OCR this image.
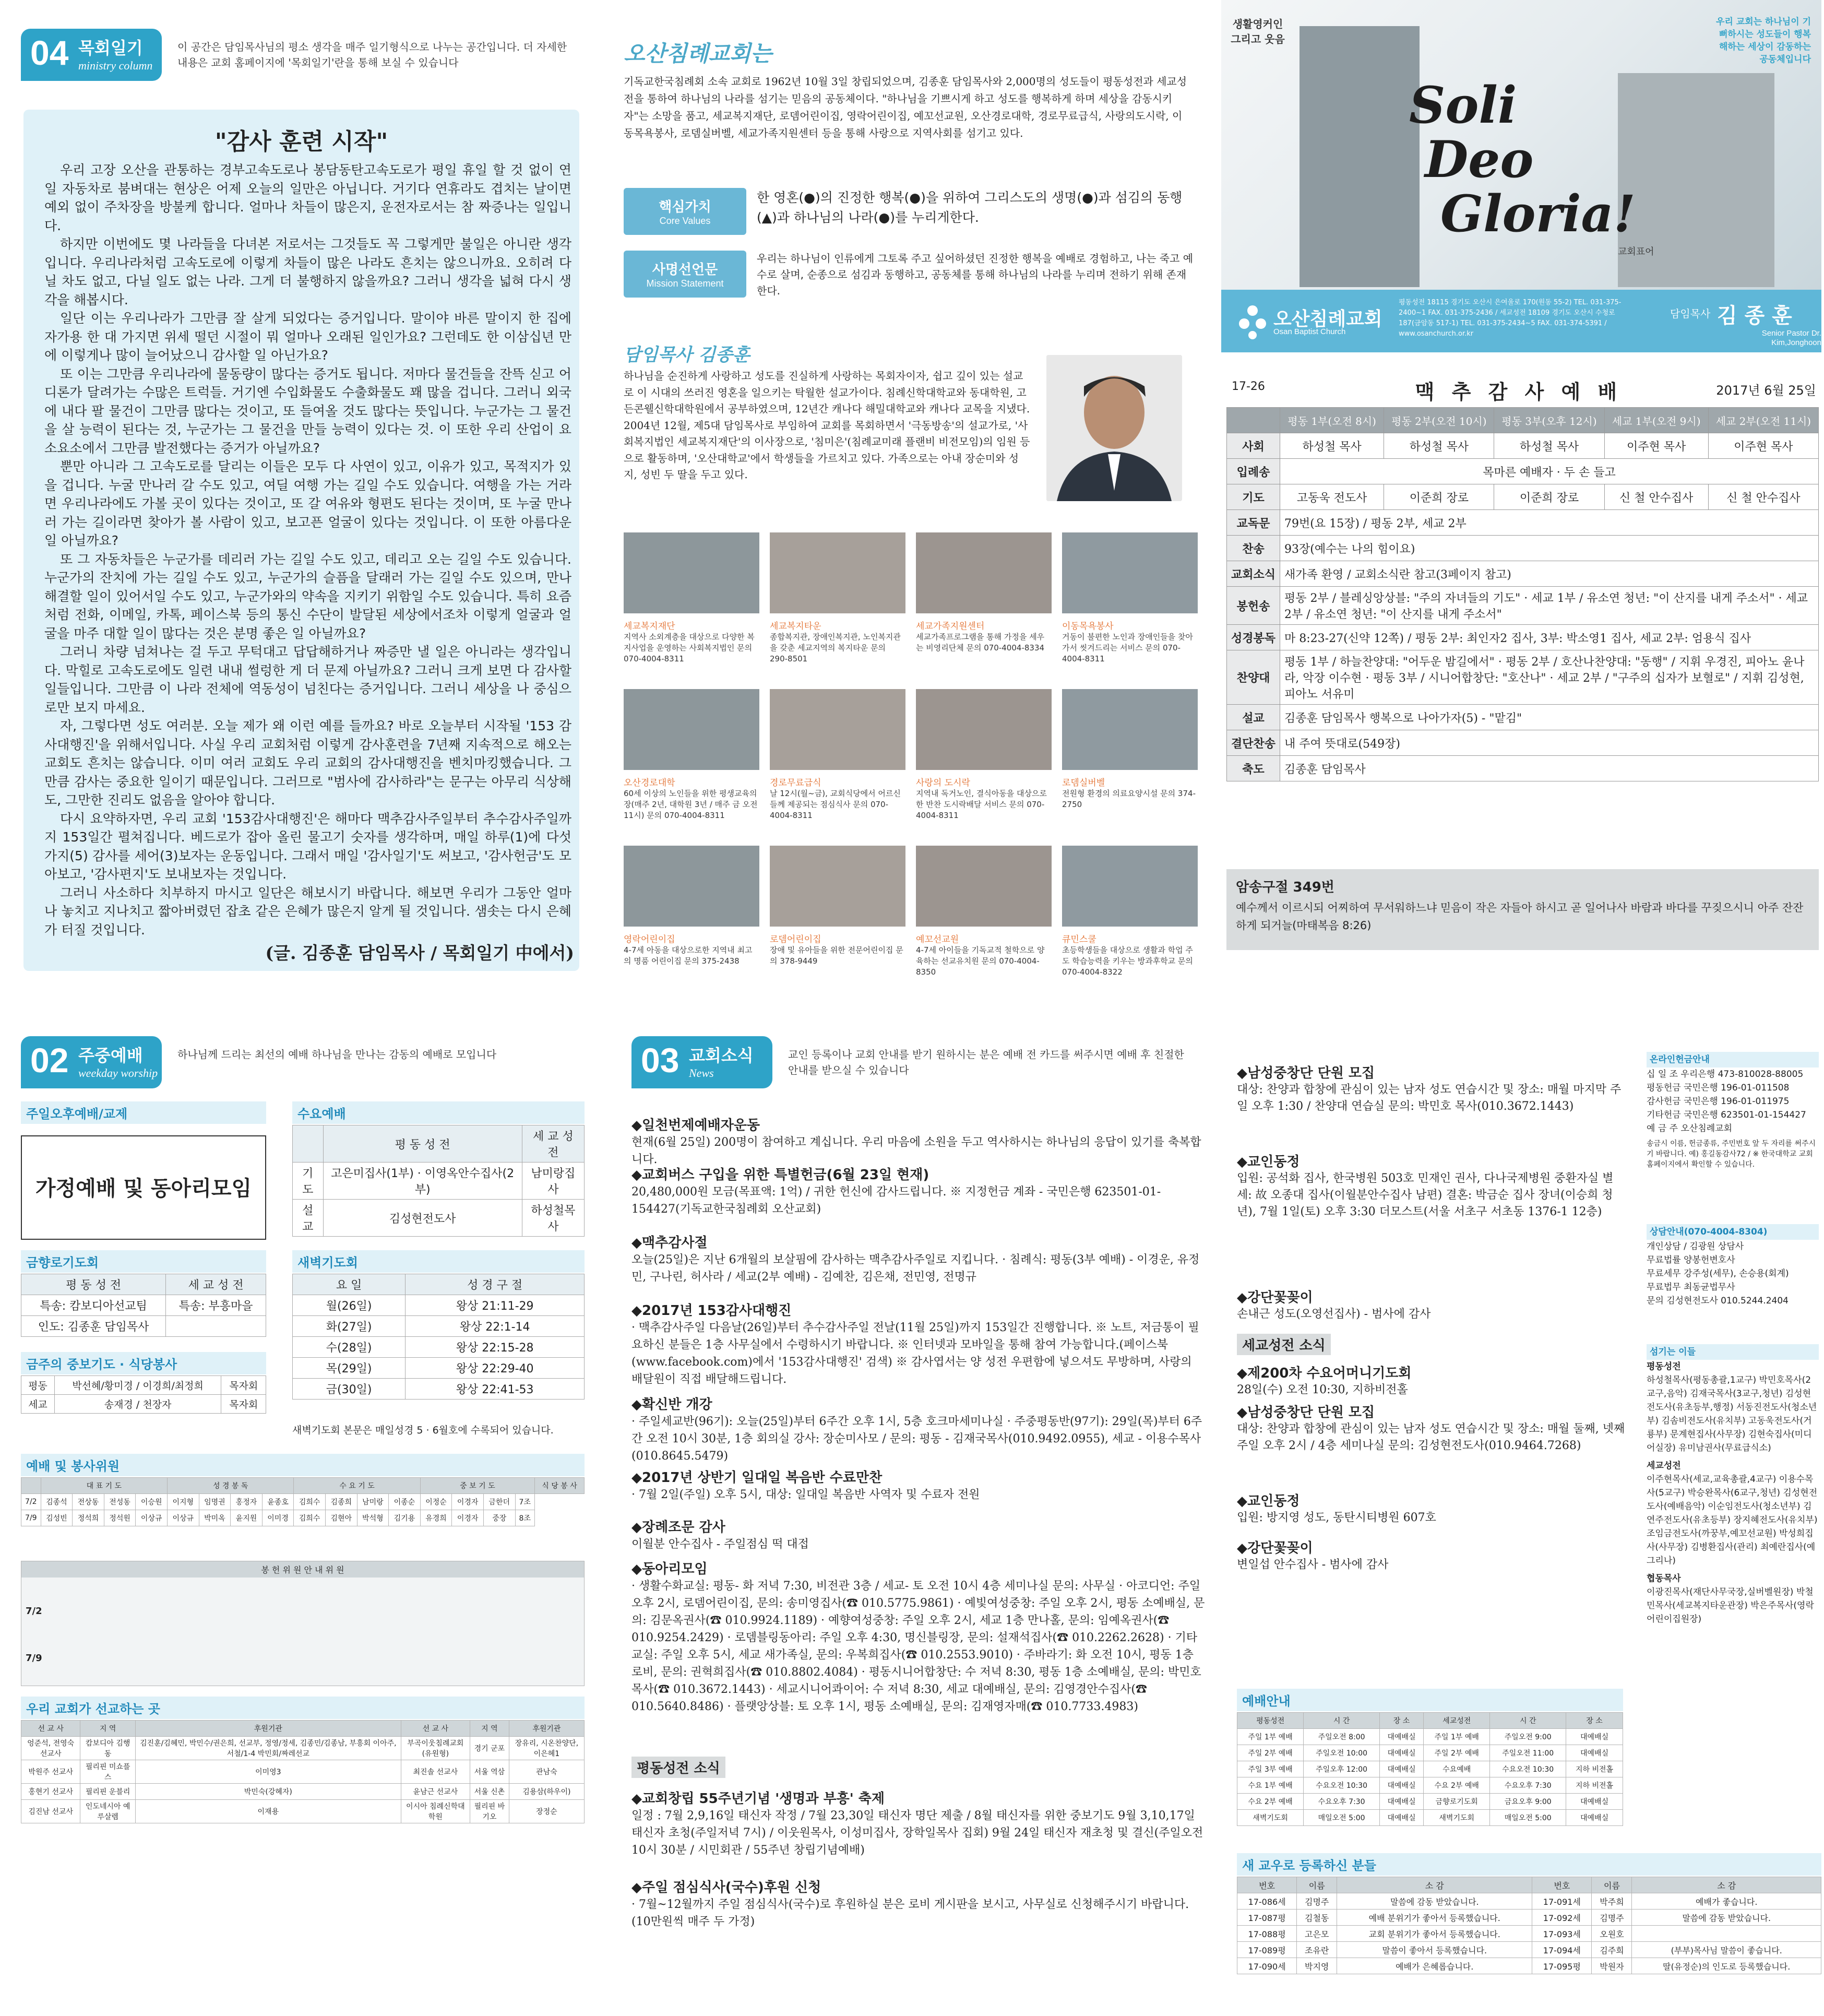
04 목회일기
ministry column
이 공간은 담임목사님의 평소 생각을 매주 일기형식으로 나누는 공간입니다. 더 자세한 내용은 교회 홈페이지에 '목회일기'란을 통해 보실 수 있습니다
"감사 훈련 시작"

우리 고장 오산을 관통하는 경부고속도로나 봉담동탄고속도로가 평일 휴일 할 것 없이 연일 자동차로 붐벼대는 현상은 어제 오늘의 일만은 아닙니다. 거기다 연휴라도 겹치는 날이면 예외 없이 주차장을 방불케 합니다. 얼마나 차들이 많은지, 운전자로서는 참 짜증나는 일입니다.

하지만 이번에도 몇 나라들을 다녀본 저로서는 그것들도 꼭 그렇게만 불일은 아니란 생각입니다. 우리나라처럼 고속도로에 이렇게 차들이 많은 나라도 흔치는 않으니까요. 오히려 다닐 차도 없고, 다닐 일도 없는 나라. 그게 더 불행하지 않을까요? 그러니 생각을 넓혀 다시 생각을 해봅시다.

일단 이는 우리나라가 그만큼 잘 살게 되었다는 증거입니다. 말이야 바른 말이지 한 집에 자가용 한 대 가지면 위세 떨던 시절이 뭐 얼마나 오래된 일인가요? 그런데도 한 이삼십년 만에 이렇게나 많이 늘어났으니 감사할 일 아닌가요?

또 이는 그만큼 우리나라에 물동량이 많다는 증거도 됩니다. 저마다 물건들을 잔뜩 싣고 어디론가 달려가는 수많은 트럭들. 거기엔 수입화물도 수출화물도 꽤 많을 겁니다. 그러니 외국에 내다 팔 물건이 그만큼 많다는 것이고, 또 들여올 것도 많다는 뜻입니다. 누군가는 그 물건을 살 능력이 된다는 것, 누군가는 그 물건을 만들 능력이 있다는 것. 이 또한 우리 산업이 요소요소에서 그만큼 발전했다는 증거가 아닐까요?

뿐만 아니라 그 고속도로를 달리는 이들은 모두 다 사연이 있고, 이유가 있고, 목적지가 있을 겁니다. 누굴 만나러 갈 수도 있고, 여딜 여행 가는 길일 수도 있습니다. 여행을 가는 거라면 우리나라에도 가볼 곳이 있다는 것이고, 또 갈 여유와 형편도 된다는 것이며, 또 누굴 만나러 가는 길이라면 찾아가 볼 사람이 있고, 보고픈 얼굴이 있다는 것입니다. 이 또한 아름다운 일 아닐까요?

또 그 자동차들은 누군가를 데리러 가는 길일 수도 있고, 데리고 오는 길일 수도 있습니다. 누군가의 잔치에 가는 길일 수도 있고, 누군가의 슬픔을 달래러 가는 길일 수도 있으며, 만나 해결할 일이 있어서일 수도 있고, 누군가와의 약속을 지키기 위함일 수도 있습니다. 특히 요즘처럼 전화, 이메일, 카톡, 페이스북 등의 통신 수단이 발달된 세상에서조차 이렇게 얼굴과 얼굴을 마주 대할 일이 많다는 것은 분명 좋은 일 아닐까요?

그러니 차량 넘쳐나는 걸 두고 무턱대고 답답해하거나 짜증만 낼 일은 아니라는 생각입니다. 막힐로 고속도로에도 일련 내내 썰렁한 게 더 문제 아닐까요? 그러니 크게 보면 다 감사할 일들입니다. 그만큼 이 나라 전체에 역동성이 넘친다는 증거입니다. 그러니 세상을 나 중심으로만 보지 마세요.

자, 그렇다면 성도 여러분. 오늘 제가 왜 이런 예를 들까요? 바로 오늘부터 시작될 '153 감사대행진'을 위해서입니다. 사실 우리 교회처럼 이렇게 감사훈련을 7년째 지속적으로 해오는 교회도 흔치는 않습니다. 이미 여러 교회도 우리 교회의 감사대행진을 벤치마킹했습니다. 그만큼 감사는 중요한 일이기 때문입니다. 그러므로 "범사에 감사하라"는 문구는 아무리 식상해도, 그만한 진리도 없음을 알아야 합니다.

다시 요약하자면, 우리 교회 '153감사대행진'은 해마다 맥추감사주일부터 추수감사주일까지 153일간 펼쳐집니다. 베드로가 잡아 올린 물고기 숫자를 생각하며, 매일 하루(1)에 다섯 가지(5) 감사를 세어(3)보자는 운동입니다. 그래서 매일 '감사일기'도 써보고, '감사헌금'도 모아보고, '감사편지'도 보내보자는 것입니다.

그러니 사소하다 치부하지 마시고 일단은 해보시기 바랍니다. 해보면 우리가 그동안 얼마나 놓치고 지나치고 짧아버렸던 잡초 같은 은혜가 많은지 알게 될 것입니다. 샘솟는 다시 은혜가 터질 것입니다.

(글. 김종훈 담임목사 / 목회일기 中에서)
오산침례교회는
기독교한국침례회 소속 교회로 1962년 10월 3일 창립되었으며, 김종훈 담임목사와 2,000명의 성도들이 평동성전과 세교성전을 통하여 하나님의 나라를 섬기는 믿음의 공동체이다. "하나님을 기쁘시게 하고 성도를 행복하게 하며 세상을 감동시키자"는 소망을 품고, 세교복지재단, 로뎀어린이집, 영락어린이집, 예꼬선교원, 오산경로대학, 경로무료급식, 사랑의도시락, 이동목욕봉사, 로뎀실버벨, 세교가족지원센터 등을 통해 사랑으로 지역사회를 섬기고 있다.
핵심가치
Core Values
한 영혼(●)의 진정한 행복(●)을 위하여 그리스도의 생명(●)과 섬김의 동행(▲)과 하나님의 나라(●)를 누리게한다.
사명선언문
Mission Statement
우리는 하나님이 인류에게 그토록 주고 싶어하셨던 진정한 행복을 예배로 경험하고, 나는 죽고 예수로 살며, 순종으로 섬김과 동행하고, 공동체를 통해 하나님의 나라를 누리며 전하기 위해 존재한다.
담임목사 김종훈
하나님을 순진하게 사랑하고 성도를 진실하게 사랑하는 목회자이자, 쉽고 깊이 있는 설교로 이 시대의 쓰러진 영혼을 일으키는 탁월한 설교가이다. 침례신학대학교와 동대학원, 고든콘웰신학대학원에서 공부하였으며, 12년간 캐나다 해밀대학교와 캐나다 교목을 지냈다. 2004년 12월, 제5대 담임목사로 부임하여 교회를 목회하면서 '극동방송'의 설교가로, '사회복지법인 세교복지재단'의 이사장으로, '침미은'(침례교미래 플랜비 비전모임)의 임원 등으로 활동하며, '오산대학교'에서 학생들을 가르치고 있다. 가족으로는 아내 장순미와 성지, 성빈 두 딸을 두고 있다.
세교복지재단
지역사 소외계층을 대상으로 다양한 복지사업을 운영하는 사회복지법인 문의 070-4004-8311
세교복지타운
종합복지관, 장애인복지관, 노인복지관을 갖춘 세교지역의 복지타운 문의 290-8501
세교가족지원센터
세교가족프로그램을 통해 가정을 세우는 비영리단체 문의 070-4004-8334
이동목욕봉사
거동이 불편한 노인과 장애인들을 찾아가서 씻겨드리는 서비스 문의 070-4004-8311
오산경로대학
60세 이상의 노인들을 위한 평생교육의 장(매주 2년, 대학원 3년 / 매주 금 오전 11시) 문의 070-4004-8311
경로무료급식
날 12시(월~금), 교회식당에서 어르신들께 제공되는 점심식사 문의 070-4004-8311
사랑의 도시락
지역내 독거노인, 결식아동을 대상으로 한 반찬 도시락배달 서비스 문의 070-4004-8311
로뎀실버벨
전원형 환경의 의료요양시설 문의 374-2750
영락어린이집
4-7세 아동을 대상으로한 지역내 최고의 명품 어린이집 문의 375-2438
로뎀어린이집
장애 및 유아들을 위한 전문어린이집 문의 378-9449
예꼬선교원
4-7세 아이들을 기독교적 철학으로 양육하는 선교유치원 문의 070-4004-8350
큐민스쿨
초등학생들을 대상으로 생활과 학업 주도 학습능력을 키우는 방과후학교 문의 070-4004-8322
생활영커인 그리고 웃음
우리 교회는 하나님이 기뻐하시는 성도들이 행복해하는 세상이 감동하는 공동체입니다
Soli
Deo
Gloria!
교회표어
오산침례교회
Osan Baptist Church
평동성전 18115 경기도 오산시 은여울로 170(원동 55-2) TEL. 031-375-2400~1 FAX. 031-375-2436 / 세교성전 18109 경기도 오산시 수청로 187(금암동 517-1) TEL. 031-375-2434~5 FAX. 031-374-5391 / www.osanchurch.or.kr
담임목사 김 종 훈
Senior Pastor Dr. Kim,Jonghoon
17-26	맥 추 감 사 예 배	2017년 6월 25일
	평동 1부(오전 8시)	평동 2부(오전 10시)	평동 3부(오후 12시)	세교 1부(오전 9시)	세교 2부(오전 11시)
사회	하성철 목사	하성철 목사	하성철 목사	이주현 목사	이주현 목사
입례송	목마른 예배자 · 두 손 들고				
기도	고동욱 전도사	이준희 장로	이준희 장로	신 철 안수집사	신 철 안수집사
교독문	79번(요 15장) / 평동 2부, 세교 2부				
찬송	93장(예수는 나의 힘이요)				
교회소식	새가족 환영 / 교회소식란 참고(3페이지 참고)				
봉헌송	평동 2부 / 블레싱앙상블: "주의 자녀들의 기도" · 세교 1부 / 유소연 청년: "이 산지를 내게 주소서" · 세교 2부 / 유소연 청년: "이 산지를 내게 주소서"				
성경봉독	마 8:23-27(신약 12쪽) / 평동 2부: 최인자2 집사, 3부: 박소영1 집사, 세교 2부: 엄용식 집사				
찬양대	평동 1부 / 하늘찬양대: "어두운 밤길에서" · 평동 2부 / 호산나찬양대: "동행" / 지휘 우경진, 피아노 윤나라, 악장 이수현 · 평동 3부 / 시니어합창단: "호산나" · 세교 2부 / "구주의 십자가 보혈로" / 지휘 김성현, 피아노 서유미				
설교	김종훈 담임목사 행복으로 나아가자(5) - "맡김"				
결단찬송	내 주여 뜻대로(549장)				
축도	김종훈 담임목사				
암송구절 349번
예수께서 이르시되 어찌하여 무서워하느냐 믿음이 작은 자들아 하시고 곧 일어나사 바람과 바다를 꾸짖으시니 아주 잔잔하게 되거늘(마태복음 8:26)
02 주중예배
weekday worship
하나님께 드리는 최선의 예배 하나님을 만나는 감동의 예배로 모입니다
주일오후예배/교제
가정예배 및 동아리모임
수요예배
	평 동 성 전	세 교 성 전
기도	고은미집사(1부) · 이영옥안수집사(2부)	남미랑집사
설교	김성현전도사	하성철목사
금향로기도회
평 동 성 전	세 교 성 전
특송: 캄보디아선교팀	특송: 부흥마을
인도: 김종훈 담임목사	
새벽기도회
요 일	성 경 구 절
월(26일)	왕상 21:11-29
화(27일)	왕상 22:1-14
수(28일)	왕상 22:15-28
목(29일)	왕상 22:29-40
금(30일)	왕상 22:41-53
새벽기도회 본문은 매일성경 5 · 6월호에 수록되어 있습니다.
금주의 중보기도 · 식당봉사
평동	박선혜/황미경 / 이경희/최정희	목자회
세교	송재경 / 천장자	목자회
예배 및 봉사위원
	대 표 기 도				성 경 봉 독				수 요 기 도				중 보 기 도				식 당 봉 사
7/2	김종석	전상동	전성동	이승원	이지형	임명권	홍정자	윤종호	김희수	김종희	남미랑	이종순	이정순	이경자	금한더	7조	
7/9	김성빈	정석희	정석원	이상규	이상규	박미옥	윤지원	이미경	김희수	김현아	박석형	김기용	유경희	이경자	중장	8조	
봉 헌 위 원 안 내 위 원
7/2
7/9
우리 교회가 선교하는 곳
선 교 사	지 역	후원기관	선 교 사	지 역	후원기관
엉준석, 전영숙 선교사	캄보디아 김행동	김진훈/김혜민, 박민수/권은희, 선교부, 정영/정세, 김종민/김종남, 부흥회 이아주, 서철/1-4 박민회/짜레선교	부곡이웃침례교회(유원형)	경기 군포	장유리, 시온찬양단, 이은혜1
박원주 선교사	필리핀 미쇼플스	이미영3	최진솔 선교사	서울 역삼	관남숙
홍현기 선교사	필리핀 운블리	박민숙(강혜자)	윤남근 선교사	서울 신촌	김용삼(하우이)
김진남 선교사	인도네시아 예루살렘	이재용	이시아 침례신학대학원	필리핀 바기오	장정순
03 교회소식
News
교인 등록이나 교회 안내를 받기 원하시는 분은 예배 전 카드를 써주시면 예배 후 친절한 안내를 받으실 수 있습니다
◆일천번제예배자운동
현재(6월 25일) 200명이 참여하고 계십니다. 우리 마음에 소원을 두고 역사하시는 하나님의 응답이 있기를 축복합니다.
◆교회버스 구입을 위한 특별헌금(6월 23일 현재)
20,480,000원 모금(목표액: 1억) / 귀한 헌신에 감사드립니다. ※ 지정헌금 계좌 - 국민은행 623501-01-154427(기독교한국침례회 오산교회)
◆맥추감사절
오늘(25일)은 지난 6개월의 보살핌에 감사하는 맥추감사주일로 지킵니다. · 침례식: 평동(3부 예배) - 이경운, 유정민, 구나린, 허사라 / 세교(2부 예배) - 김예찬, 김은채, 전민영, 전명규
◆2017년 153감사대행진
· 맥추감사주일 다음날(26일)부터 추수감사주일 전날(11월 25일)까지 153일간 진행합니다. ※ 노트, 저금통이 필요하신 분들은 1층 사무실에서 수령하시기 바랍니다. ※ 인터넷과 모바일을 통해 참여 가능합니다.(페이스북(www.facebook.com)에서 '153감사대행진' 검색) ※ 감사엽서는 양 성전 우편함에 넣으셔도 무방하며, 사랑의 배달원이 직접 배달해드립니다.
◆확신반 개강
· 주일세교반(96기): 오늘(25일)부터 6주간 오후 1시, 5층 호크마세미나실 · 주중평동반(97기): 29일(목)부터 6주간 오전 10시 30분, 1층 회의실 강사: 장순미사모 / 문의: 평동 - 김재국목사(010.9492.0955), 세교 - 이용수목사(010.8645.5479)
◆2017년 상반기 일대일 복음반 수료만찬
· 7월 2일(주일) 오후 5시, 대상: 일대일 복음반 사역자 및 수료자 전원
◆장례조문 감사
이월분 안수집사 - 주일점심 떡 대접
◆동아리모임
· 생활수화교실: 평동- 화 저녁 7:30, 비전관 3층 / 세교- 토 오전 10시 4층 세미나실 문의: 사무실 · 아코디언: 주일 오후 2시, 로뎀어린이집, 문의: 송미영집사(☎ 010.5775.9861) · 예빛여성중창: 주일 오후 2시, 평동 소예배실, 문의: 김문옥권사(☎ 010.9924.1189) · 예향여성중창: 주일 오후 2시, 세교 1층 만나홀, 문의: 임예옥권사(☎ 010.9254.2429) · 로뎀블링동아리: 주일 오후 4:30, 명신블링장, 문의: 설재석집사(☎ 010.2262.2628) · 기타교실: 주일 오후 5시, 세교 새가족실, 문의: 우복희집사(☎ 010.2553.9010) · 주바라기: 화 오전 10시, 평동 1층 로비, 문의: 권혁희집사(☎ 010.8802.4084) · 평동시니어합창단: 수 저녁 8:30, 평동 1층 소예배실, 문의: 박민호목사(☎ 010.3672.1443) · 세교시니어콰이어: 수 저녁 8:30, 세교 대예배실, 문의: 김영경안수집사(☎ 010.5640.8486) · 플랫앙상블: 토 오후 1시, 평동 소예배실, 문의: 김재영자매(☎ 010.7733.4983)
평동성전 소식
◆교회창립 55주년기념 '생명과 부흥' 축제
일정 : 7월 2,9,16일 태신자 작정 / 7월 23,30일 태신자 명단 제출 / 8월 태신자를 위한 중보기도 9월 3,10,17일 태신자 초청(주일저녁 7시) / 이웃원목사, 이성미집사, 장학일목사 집회) 9월 24일 태신자 재초청 및 결신(주일오전 10시 30분 / 시민회관 / 55주년 창립기념예배)
◆주일 점심식사(국수)후원 신청
· 7월~12월까지 주일 점심식사(국수)로 후원하실 분은 로비 게시판을 보시고, 사무실로 신청해주시기 바랍니다.(10만원씩 매주 두 가정)
◆남성중창단 단원 모집
대상: 찬양과 합창에 관심이 있는 남자 성도 연습시간 및 장소: 매월 마지막 주일 오후 1:30 / 찬양대 연습실 문의: 박민호 목사(010.3672.1443)
◆교인동정
입원: 공석화 집사, 한국병원 503호 민재인 권사, 다나국제병원 중환자실 별세: 故 오종대 집사(이월분안수집사 남편) 결혼: 박금순 집사 장녀(이승희 청년), 7월 1일(토) 오후 3:30 더모스트(서울 서초구 서초동 1376-1 12층)
◆강단꽃꽂이
손내근 성도(오영선집사) - 범사에 감사
세교성전 소식
◆제200차 수요어머니기도회
28일(수) 오전 10:30, 지하비전홀
◆남성중창단 단원 모집
대상: 찬양과 합창에 관심이 있는 남자 성도 연습시간 및 장소: 매월 둘째, 넷째 주일 오후 2시 / 4층 세미나실 문의: 김성현전도사(010.9464.7268)
◆교인동정
입원: 방지영 성도, 동탄시티병원 607호
◆강단꽃꽂이
변일섭 안수집사 - 범사에 감사
예배안내
평동성전	시 간	장 소	세교성전	시 간	장 소
주일 1부 예배	주일오전 8:00	대예배실	주일 1부 예배	주일오전 9:00	대예배실
주일 2부 예배	주일오전 10:00	대예배실	주일 2부 예배	주일오전 11:00	대예배실
주일 3부 예배	주일오후 12:00	대예배실	수요예배	수요오전 10:30	지하 비전홀
수요 1부 예배	수요오전 10:30	대예배실	수요 2부 예배	수요오후 7:30	지하 비전홀
수요 2부 예배	수요오후 7:30	대예배실	금향로기도회	금요오후 9:00	대예배실
새벽기도회	매일오전 5:00	대예배실	새벽기도회	매일오전 5:00	대예배실
새 교우로 등록하신 분들
번호	이름	소 감	번호	이름	소 감
17-086세	김명주	말씀에 감동 받았습니다.	17-091세	박주희	예배가 좋습니다.
17-087평	김철동	예배 분위기가 좋아서 등록했습니다.	17-092세	김명주	말씀에 감동 받았습니다.
17-088평	고은모	교회 분위기가 좋아서 등록했습니다.	17-093세	오원호	
17-089평	조유란	말씀이 좋아서 등록했습니다.	17-094세	김주희	(부부)목사님 말씀이 좋습니다.
17-090세	박지영	예배가 은혜롭습니다.	17-095평	박원자	딸(유정순)의 인도로 등록했습니다.
온라인헌금안내
십 일 조 우리은행 473-810028-88005
평동헌금 국민은행 196-01-011508
감사헌금 국민은행 196-01-011975
기타헌금 국민은행 623501-01-154427
예 금 주 오산침례교회
송금시 이름, 헌금종류, 주민번호 앞 두 자리를 써주시기 바랍니다. 예) 홍길동감사72 / ※ 한국대학교 교회 홈페이지에서 확인할 수 있습니다.
상담안내(070-4004-8304)
개인상담 / 김광원 상담사
무료법률 양봉헌변호사
무료세무 강주성(세무), 손승용(회계)
무료법무 최동균법무사
문의 김성현전도사 010.5244.2404
섬기는 이들
평동성전
하성철목사(평동총괄,1교구) 박민호목사(2교구,음악) 김재국목사(3교구,청년) 김성현전도사(유초등부,행정) 서동진전도사(청소년부) 김솜비전도사(유치부) 고동욱전도사(거룡부) 문계현집사(사무장) 김현숙집사(미디어실장) 유미남권사(무료급식소)
세교성전
이주현목사(세교,교육총괄,4교구) 이용수목사(5교구) 박승완목사(6교구,청년) 김성현전도사(예배음악) 이순임전도사(청소년부) 김연주전도사(유초등부) 장지혜전도사(유치부) 조임금전도사(까꿍부,예꼬선교원) 박성희집사(사무장) 김병환집사(관리) 최예란집사(예그리나)
협동목사
이광진목사(재단사무국장,실버벨원장) 박철민목사(세교복지타운관장) 박은주목사(영락어린이집원장)
